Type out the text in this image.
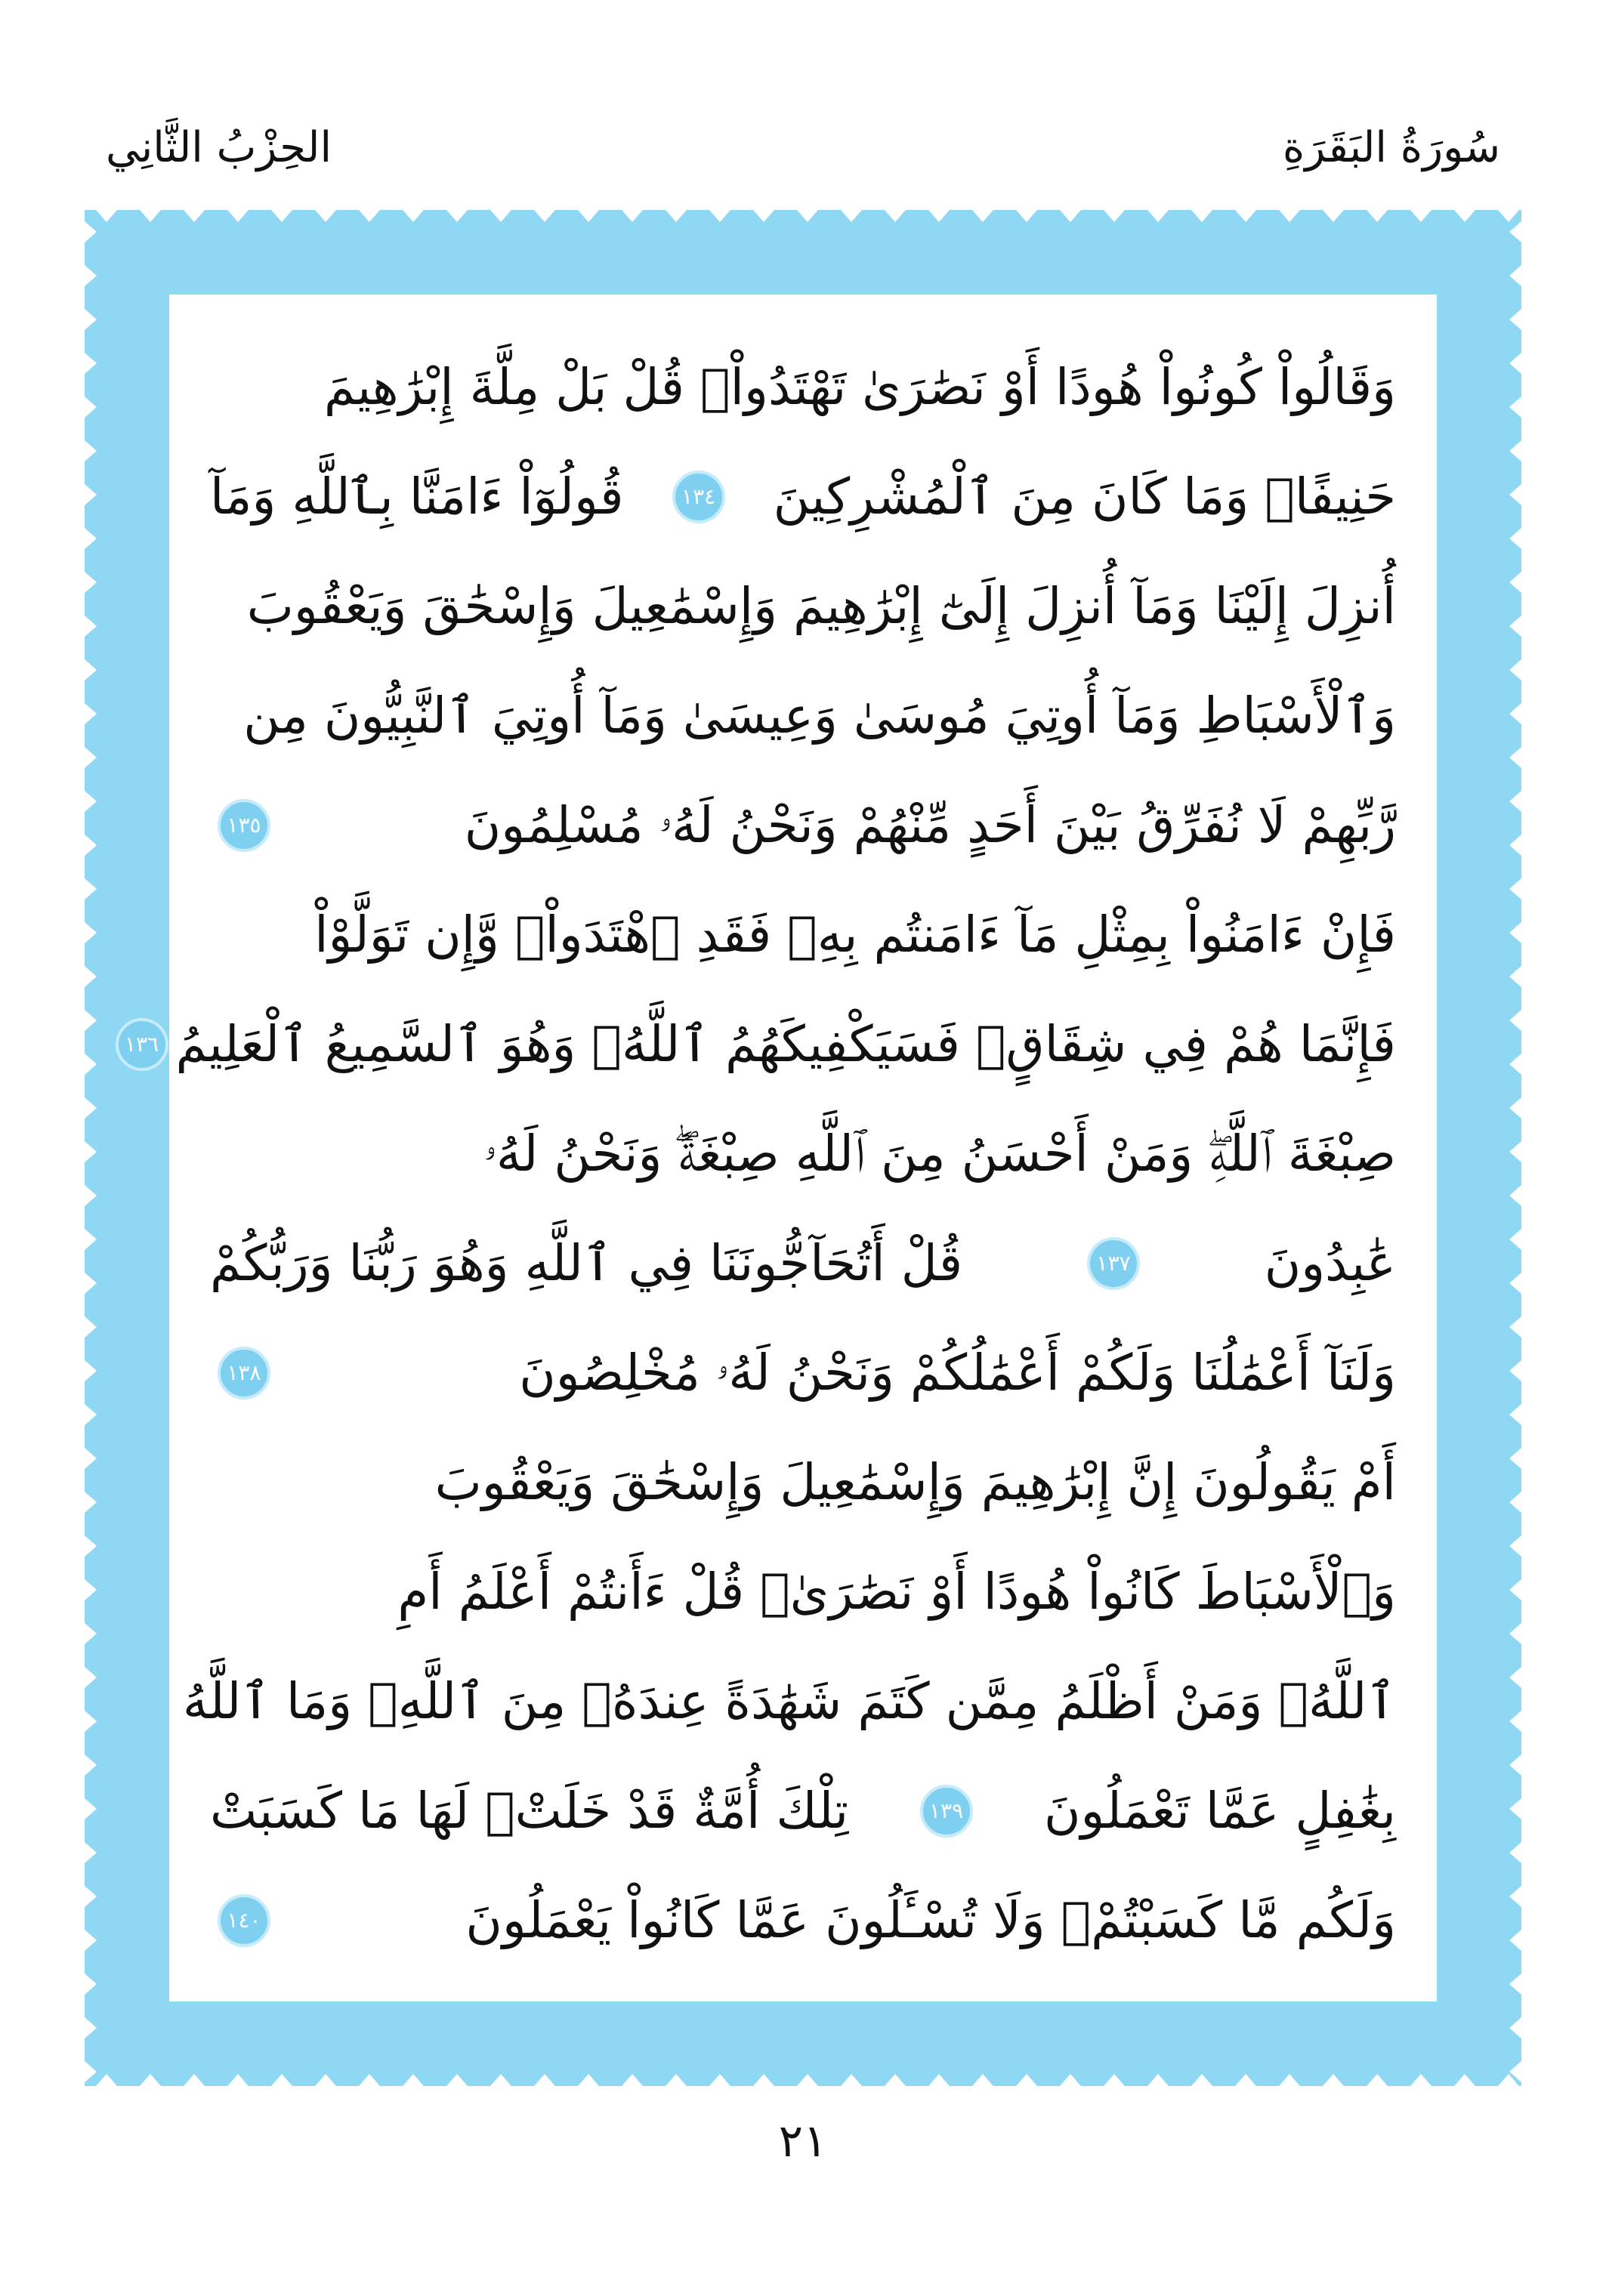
الحِزْبُ الثَّانِي	سُورَةُ البَقَرَةِ
وَقَالُواْ كُونُواْ هُودًا أَوْ نَصَٰرَىٰ تَهْتَدُواْۗ قُلْ بَلْ مِلَّةَ إِبْرَٰهِيمَ
حَنِيفًاۖ وَمَا كَانَ مِنَ ٱلْمُشْرِكِينَ
١٣٤
قُولُوٓاْ ءَامَنَّا بِٱللَّهِ وَمَآ
أُنزِلَ إِلَيْنَا وَمَآ أُنزِلَ إِلَىٰٓ إِبْرَٰهِيمَ وَإِسْمَٰعِيلَ وَإِسْحَٰقَ وَيَعْقُوبَ
وَٱلْأَسْبَاطِ وَمَآ أُوتِيَ مُوسَىٰ وَعِيسَىٰ وَمَآ أُوتِيَ ٱلنَّبِيُّونَ مِن
رَّبِّهِمْ لَا نُفَرِّقُ بَيْنَ أَحَدٍ مِّنْهُمْ وَنَحْنُ لَهُۥ مُسْلِمُونَ
١٣٥
فَإِنْ ءَامَنُواْ بِمِثْلِ مَآ ءَامَنتُم بِهِۦ فَقَدِ ٱهْتَدَواْۖ وَّإِن تَوَلَّوْاْ
فَإِنَّمَا هُمْ فِي شِقَاقٍۖ فَسَيَكْفِيكَهُمُ ٱللَّهُۚ وَهُوَ ٱلسَّمِيعُ ٱلْعَلِيمُ
١٣٦
صِبْغَةَ ٱللَّهِۖ وَمَنْ أَحْسَنُ مِنَ ٱللَّهِ صِبْغَةًۖ وَنَحْنُ لَهُۥ
عَٰبِدُونَ
١٣٧
قُلْ أَتُحَآجُّونَنَا فِي ٱللَّهِ وَهُوَ رَبُّنَا وَرَبُّكُمْ
وَلَنَآ أَعْمَٰلُنَا وَلَكُمْ أَعْمَٰلُكُمْ وَنَحْنُ لَهُۥ مُخْلِصُونَ
١٣٨
أَمْ يَقُولُونَ إِنَّ إِبْرَٰهِيمَ وَإِسْمَٰعِيلَ وَإِسْحَٰقَ وَيَعْقُوبَ
وَٱلْأَسْبَاطَ كَانُواْ هُودًا أَوْ نَصَٰرَىٰۗ قُلْ ءَأَنتُمْ أَعْلَمُ أَمِ
ٱللَّهُۗ وَمَنْ أَظْلَمُ مِمَّن كَتَمَ شَهَٰدَةً عِندَهُۥ مِنَ ٱللَّهِۗ وَمَا ٱللَّهُ
بِغَٰفِلٍ عَمَّا تَعْمَلُونَ
١٣٩
تِلْكَ أُمَّةٌ قَدْ خَلَتْۖ لَهَا مَا كَسَبَتْ
وَلَكُم مَّا كَسَبْتُمْۖ وَلَا تُسْـَٔلُونَ عَمَّا كَانُواْ يَعْمَلُونَ
١٤٠
٢١
